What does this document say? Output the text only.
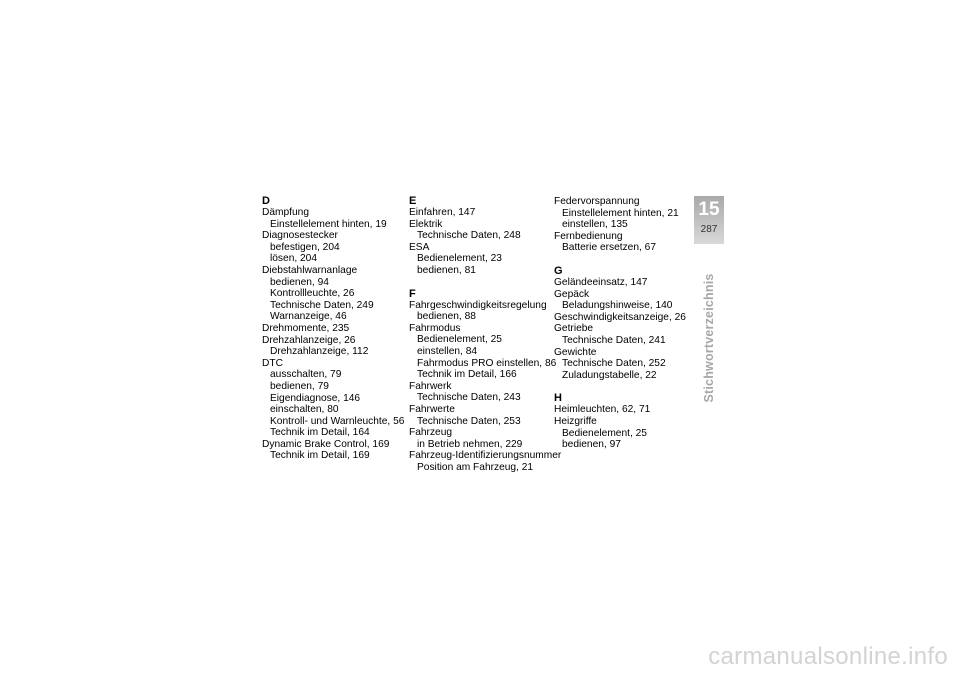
D
Dämpfung
Einstellelement hinten, 19
Diagnosestecker
befestigen, 204
lösen, 204
Diebstahlwarnanlage
bedienen, 94
Kontrollleuchte, 26
Technische Daten, 249
Warnanzeige, 46
Drehmomente, 235
Drehzahlanzeige, 26
Drehzahlanzeige, 112
DTC
ausschalten, 79
bedienen, 79
Eigendiagnose, 146
einschalten, 80
Kontroll- und Warnleuchte, 56
Technik im Detail, 164
Dynamic Brake Control, 169
Technik im Detail, 169
E
Einfahren, 147
Elektrik
Technische Daten, 248
ESA
Bedienelement, 23
bedienen, 81
F
Fahrgeschwindigkeitsregelung
bedienen, 88
Fahrmodus
Bedienelement, 25
einstellen, 84
Fahrmodus PRO einstellen, 86
Technik im Detail, 166
Fahrwerk
Technische Daten, 243
Fahrwerte
Technische Daten, 253
Fahrzeug
in Betrieb nehmen, 229
Fahrzeug-Identifizierungsnummer
Position am Fahrzeug, 21
Federvorspannung
Einstellelement hinten, 21
einstellen, 135
Fernbedienung
Batterie ersetzen, 67
G
Geländeeinsatz, 147
Gepäck
Beladungshinweise, 140
Geschwindigkeitsanzeige, 26
Getriebe
Technische Daten, 241
Gewichte
Technische Daten, 252
Zuladungstabelle, 22
H
Heimleuchten, 62, 71
Heizgriffe
Bedienelement, 25
bedienen, 97
15
287
Stichwortverzeichnis
carmanualsonline.info
